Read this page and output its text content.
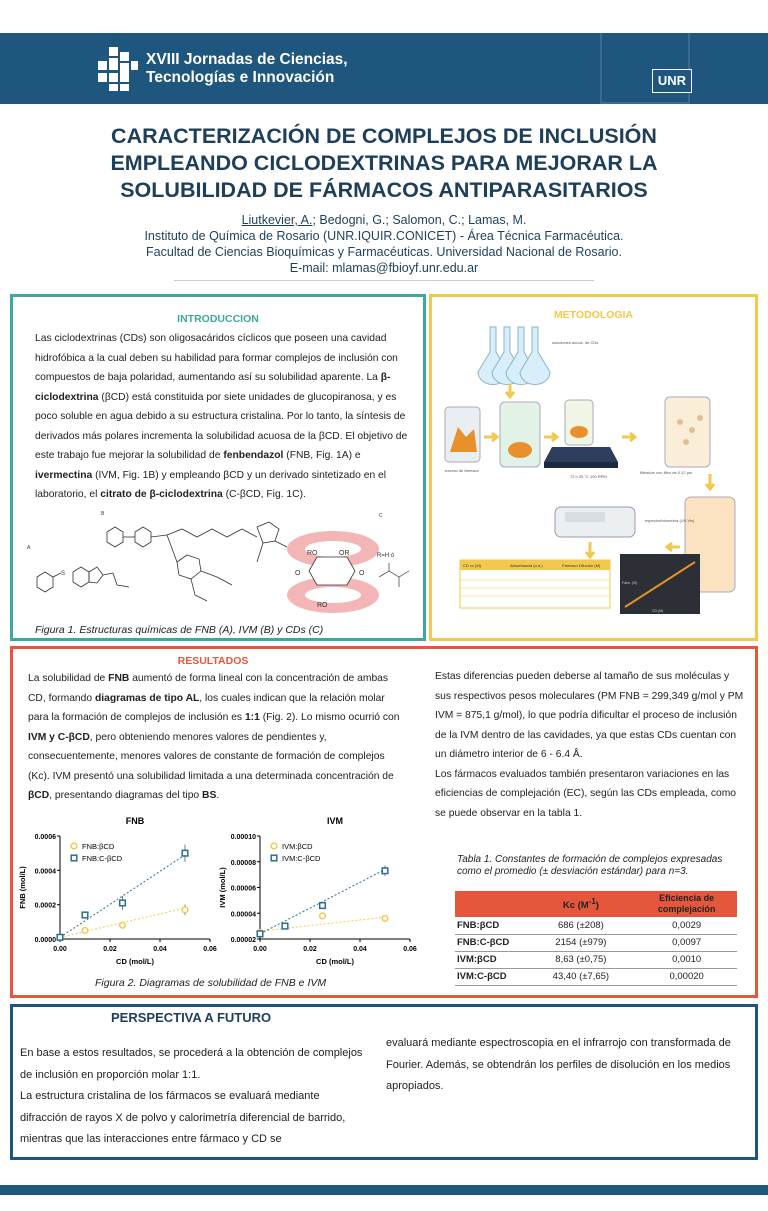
XVIII Jornadas de Ciencias,
Tecnologías e Innovación	UNR
CARACTERIZACIÓN DE COMPLEJOS DE INCLUSIÓN
EMPLEANDO CICLODEXTRINAS PARA MEJORAR LA
SOLUBILIDAD DE FÁRMACOS ANTIPARASITARIOS
Liutkevier, A.; Bedogni, G.; Salomon, C.; Lamas, M.
Instituto de Química de Rosario (UNR.IQUIR.CONICET) - Área Técnica Farmacéutica.
Facultad de Ciencias Bioquímicas y Farmacéuticas. Universidad Nacional de Rosario.
E-mail: mlamas@fbioyf.unr.edu.ar
INTRODUCCION
Las ciclodextrinas (CDs) son oligosacáridos cíclicos que poseen una cavidad hidrofóbica a la cual deben su habilidad para formar complejos de inclusión con compuestos de baja polaridad, aumentando así su solubilidad aparente. La β-ciclodextrina (βCD) está constituida por siete unidades de glucopiranosa, y es poco soluble en agua debido a su estructura cristalina. Por lo tanto, la síntesis de derivados más polares incrementa la solubilidad acuosa de la βCD. El objetivo de este trabajo fue mejorar la solubilidad de fenbendazol (FNB, Fig. 1A) e ivermectina (IVM, Fig. 1B) y empleando βCD y un derivado sintetizado en el laboratorio, el citrato de β-ciclodextrina (C-βCD, Fig. 1C).
S
A
B	C
RO	OR
O	O
RO
R=H ó
Figura 1. Estructuras químicas de FNB (A), IVM (B) y CDs (C)
METODOLOGIA
soluciones acuos. de CDs
exceso de fármaco
72 h 25 °C 100 RPM
filtración con filtro de 0.22 µm
espectrofotometría (UV-Vis)
CD cc (M)	Absorbancia (u.a.)	Fármaco Dilución (M)
Fárm. (M)
CD (M)
RESULTADOS
La solubilidad de FNB aumentó de forma lineal con la concentración de ambas CD, formando diagramas de tipo AL, los cuales indican que la relación molar para la formación de complejos de inclusión es 1:1 (Fig. 2). Lo mismo ocurrió con IVM y C-βCD, pero obteniendo menores valores de pendientes y, consecuentemente, menores valores de constante de formación de complejos (Kc). IVM presentó una solubilidad limitada a una determinada concentración de βCD, presentando diagramas del tipo BS.
Estas diferencias pueden deberse al tamaño de sus moléculas y sus respectivos pesos moleculares (PM FNB = 299,349 g/mol y PM IVM = 875,1 g/mol), lo que podría dificultar el proceso de inclusión de la IVM dentro de las cavidades, ya que estas CDs cuentan con un diámetro interior de 6 - 6.4 Å.
Los fármacos evaluados también presentaron variaciones en las eficiencias de complejación (EC), según las CDs empleada, como se puede observar en la tabla 1.
FNB
0.0000
0.0002
0.0004
0.0006
0.00	0.02	0.04	0.06
CD (mol/L)
FNB (mol/L)
FNB:βCD
FNB:C-βCD
IVM
0.00002
0.00004
0.00006
0.00008
0.00010
0.00	0.02	0.04	0.06
CD (mol/L)
IVM (mol/L)
IVM:βCD
IVM:C-βCD
Figura 2. Diagramas de solubilidad de FNB e IVM
Tabla 1. Constantes de formación de complejos expresadas como el promedio (± desviación estándar) para n=3.
	Kc $(M^{-1})$	Eficiencia de complejación
FNB:βCD	686 (±208)	0,0029
FNB:C-βCD	2154 (±979)	0,0097
IVM:βCD	8,63 (±0,75)	0,0010
IVM:C-βCD	43,40 (±7,65)	0,00020
PERSPECTIVA A FUTURO
En base a estos resultados, se procederá a la obtención de complejos de inclusión en proporción molar 1:1.
La estructura cristalina de los fármacos se evaluará mediante difracción de rayos X de polvo y calorimetría diferencial de barrido, mientras que las interacciones entre fármaco y CD se
evaluará mediante espectroscopia en el infrarrojo con transformada de Fourier. Además, se obtendrán los perfiles de disolución en los medios apropiados.
